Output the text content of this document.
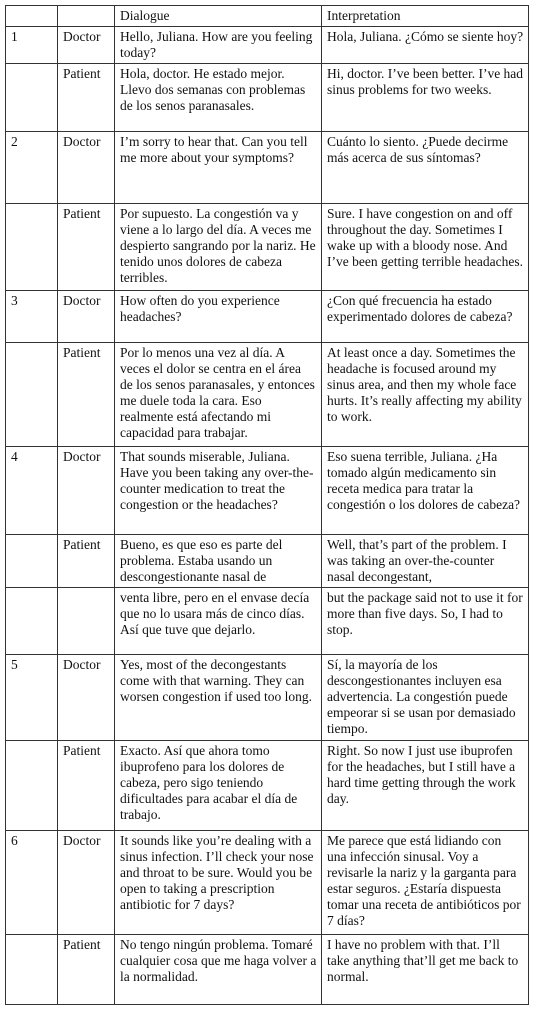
		Dialogue	Interpretation
1	Doctor	Hello, Juliana. How are you feeling today?	Hola, Juliana. ¿Cómo se siente hoy?
	Patient	Hola, doctor. He estado mejor. Llevo dos semanas con problemas de los senos paranasales.	Hi, doctor. I’ve been better. I’ve had sinus problems for two weeks.
2	Doctor	I’m sorry to hear that. Can you tell me more about your symptoms?	Cuánto lo siento. ¿Puede decirme más acerca de sus síntomas?
	Patient	Por supuesto. La congestión va y viene a lo largo del día. A veces me despierto sangrando por la nariz. He tenido unos dolores de cabeza terribles.	Sure. I have congestion on and off throughout the day. Sometimes I wake up with a bloody nose. And I’ve been getting terrible headaches.
3	Doctor	How often do you experience headaches?	¿Con qué frecuencia ha estado experimentado dolores de cabeza?
	Patient	Por lo menos una vez al día. A veces el dolor se centra en el área de los senos paranasales, y entonces me duele toda la cara. Eso realmente está afectando mi capacidad para trabajar.	At least once a day. Sometimes the headache is focused around my sinus area, and then my whole face hurts. It’s really affecting my ability to work.
4	Doctor	That sounds miserable, Juliana. Have you been taking any over-the-counter medication to treat the congestion or the headaches?	Eso suena terrible, Juliana. ¿Ha tomado algún medicamento sin receta medica para tratar la congestión o los dolores de cabeza?
	Patient	Bueno, es que eso es parte del problema. Estaba usando un descongestionante nasal de	Well, that’s part of the problem. I was taking an over-the-counter nasal decongestant,
		venta libre, pero en el envase decía que no lo usara más de cinco días. Así que tuve que dejarlo.	but the package said not to use it for more than five days. So, I had to stop.
5	Doctor	Yes, most of the decongestants come with that warning. They can worsen congestion if used too long.	Sí, la mayoría de los descongestionantes incluyen esa advertencia. La congestión puede empeorar si se usan por demasiado tiempo.
	Patient	Exacto. Así que ahora tomo ibuprofeno para los dolores de cabeza, pero sigo teniendo dificultades para acabar el día de trabajo.	Right. So now I just use ibuprofen for the headaches, but I still have a hard time getting through the work day.
6	Doctor	It sounds like you’re dealing with a sinus infection. I’ll check your nose and throat to be sure. Would you be open to taking a prescription antibiotic for 7 days?	Me parece que está lidiando con una infección sinusal. Voy a revisarle la nariz y la garganta para estar seguros. ¿Estaría dispuesta tomar una receta de antibióticos por 7 días?
	Patient	No tengo ningún problema. Tomaré cualquier cosa que me haga volver a la normalidad.	I have no problem with that. I’ll take anything that’ll get me back to normal.
